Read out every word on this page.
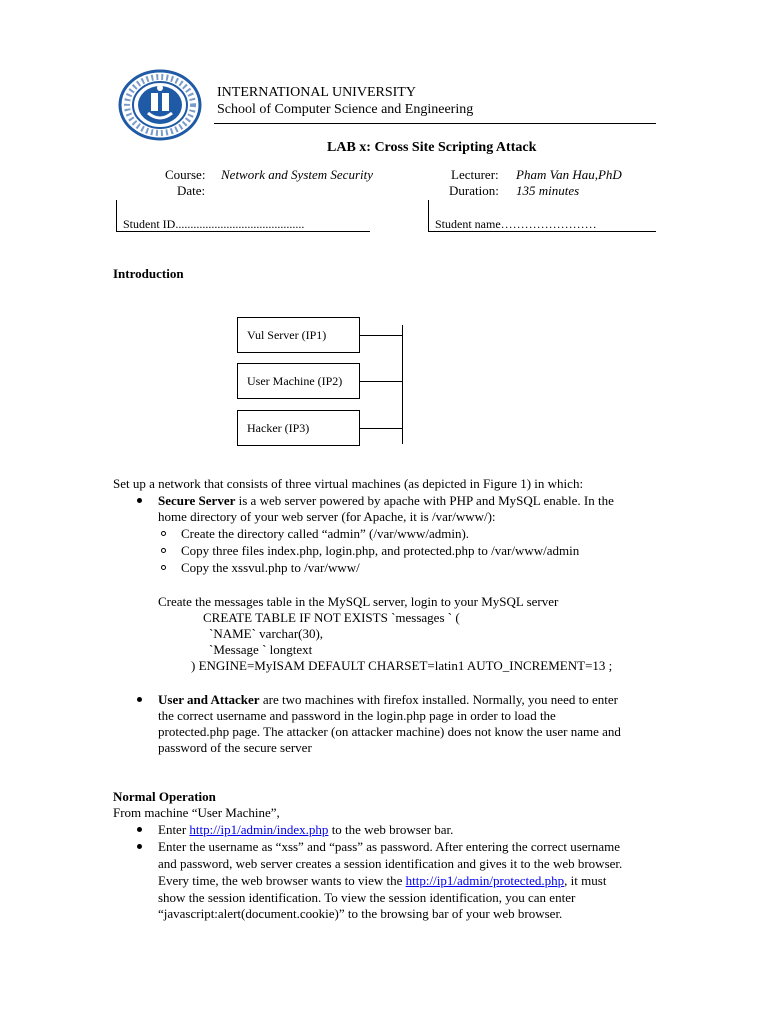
INTERNATIONAL UNIVERSITY
School of Computer Science and Engineering
LAB x: Cross Site Scripting Attack
Course: Network and System Security
Date:
Lecturer: Pham Van Hau,PhD
Duration: 135 minutes
Student ID...........................................	Student name……………………
Introduction
Vul Server (IP1)
User Machine (IP2)
Hacker (IP3)
Set up a network that consists of three virtual machines (as depicted in Figure 1) in which:
Secure Server is a web server powered by apache with PHP and MySQL enable. In the
home directory of your web server (for Apache, it is /var/www/):
Create the directory called “admin” (/var/www/admin).
Copy three files index.php, login.php, and protected.php to /var/www/admin
Copy the xssvul.php to /var/www/
Create the messages table in the MySQL server, login to your MySQL server
CREATE TABLE IF NOT EXISTS `messages ` (
`NAME` varchar(30),
`Message ` longtext
) ENGINE=MyISAM DEFAULT CHARSET=latin1 AUTO_INCREMENT=13 ;
User and Attacker are two machines with firefox installed. Normally, you need to enter
the correct username and password in the login.php page in order to load the
protected.php page. The attacker (on attacker machine) does not know the user name and
password of the secure server
Normal Operation
From machine “User Machine”,
Enter http://ip1/admin/index.php to the web browser bar.
Enter the username as “xss” and “pass” as password. After entering the correct username
and password, web server creates a session identification and gives it to the web browser.
Every time, the web browser wants to view the http://ip1/admin/protected.php, it must
show the session identification. To view the session identification, you can enter
“javascript:alert(document.cookie)” to the browsing bar of your web browser.
